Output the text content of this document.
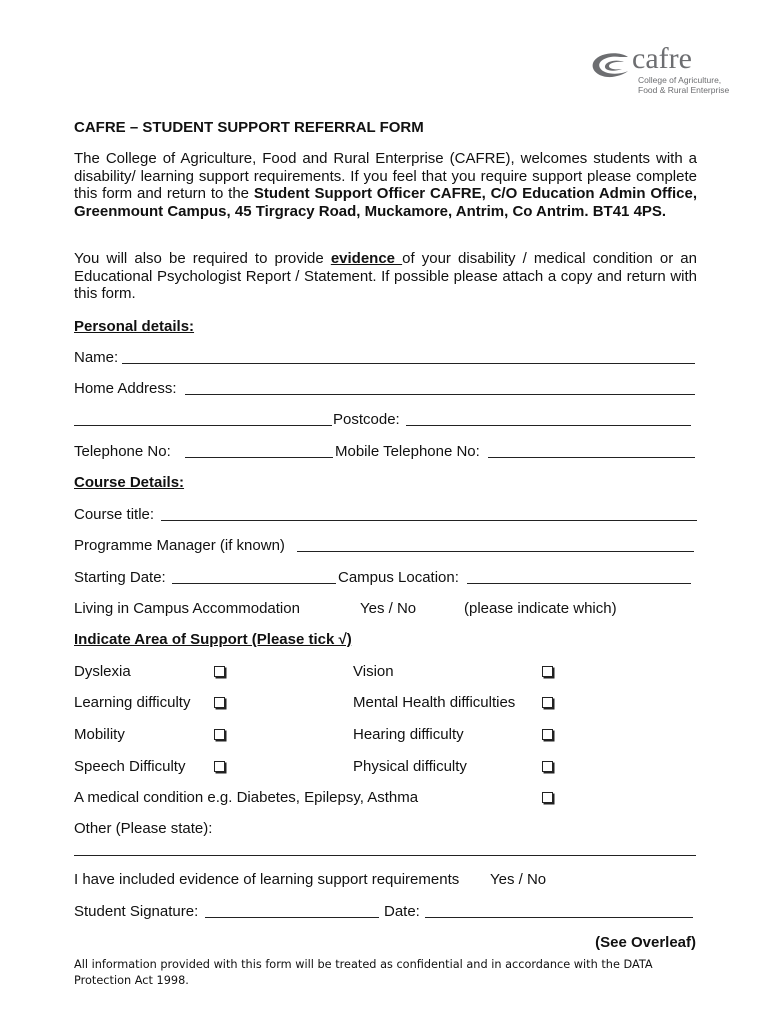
cafre
College of Agriculture,
Food & Rural Enterprise
CAFRE – STUDENT SUPPORT REFERRAL FORM
The College of Agriculture, Food and Rural Enterprise (CAFRE), welcomes students with a disability/ learning support requirements. If you feel that you require support please complete this form and return to the Student Support Officer CAFRE, C/O Education Admin Office, Greenmount Campus, 45 Tirgracy Road, Muckamore, Antrim, Co Antrim. BT41 4PS.
You will also be required to provide evidence of your disability / medical condition or an Educational Psychologist Report / Statement. If possible please attach a copy and return with this form.
Personal details:
Name:
Home Address:
Postcode:
Telephone No:	Mobile Telephone No:
Course Details:
Course title:
Programme Manager (if known)
Starting Date:	Campus Location:
Living in Campus Accommodation	Yes / No	(please indicate which)
Indicate Area of Support (Please tick √)
Dyslexia	Vision
Learning difficulty	Mental Health difficulties
Mobility	Hearing difficulty
Speech Difficulty	Physical difficulty
A medical condition e.g. Diabetes, Epilepsy, Asthma
Other (Please state):
I have included evidence of learning support requirements Yes / No
Student Signature:	Date:
(See Overleaf)
All information provided with this form will be treated as confidential and in accordance with the DATA
Protection Act 1998.
